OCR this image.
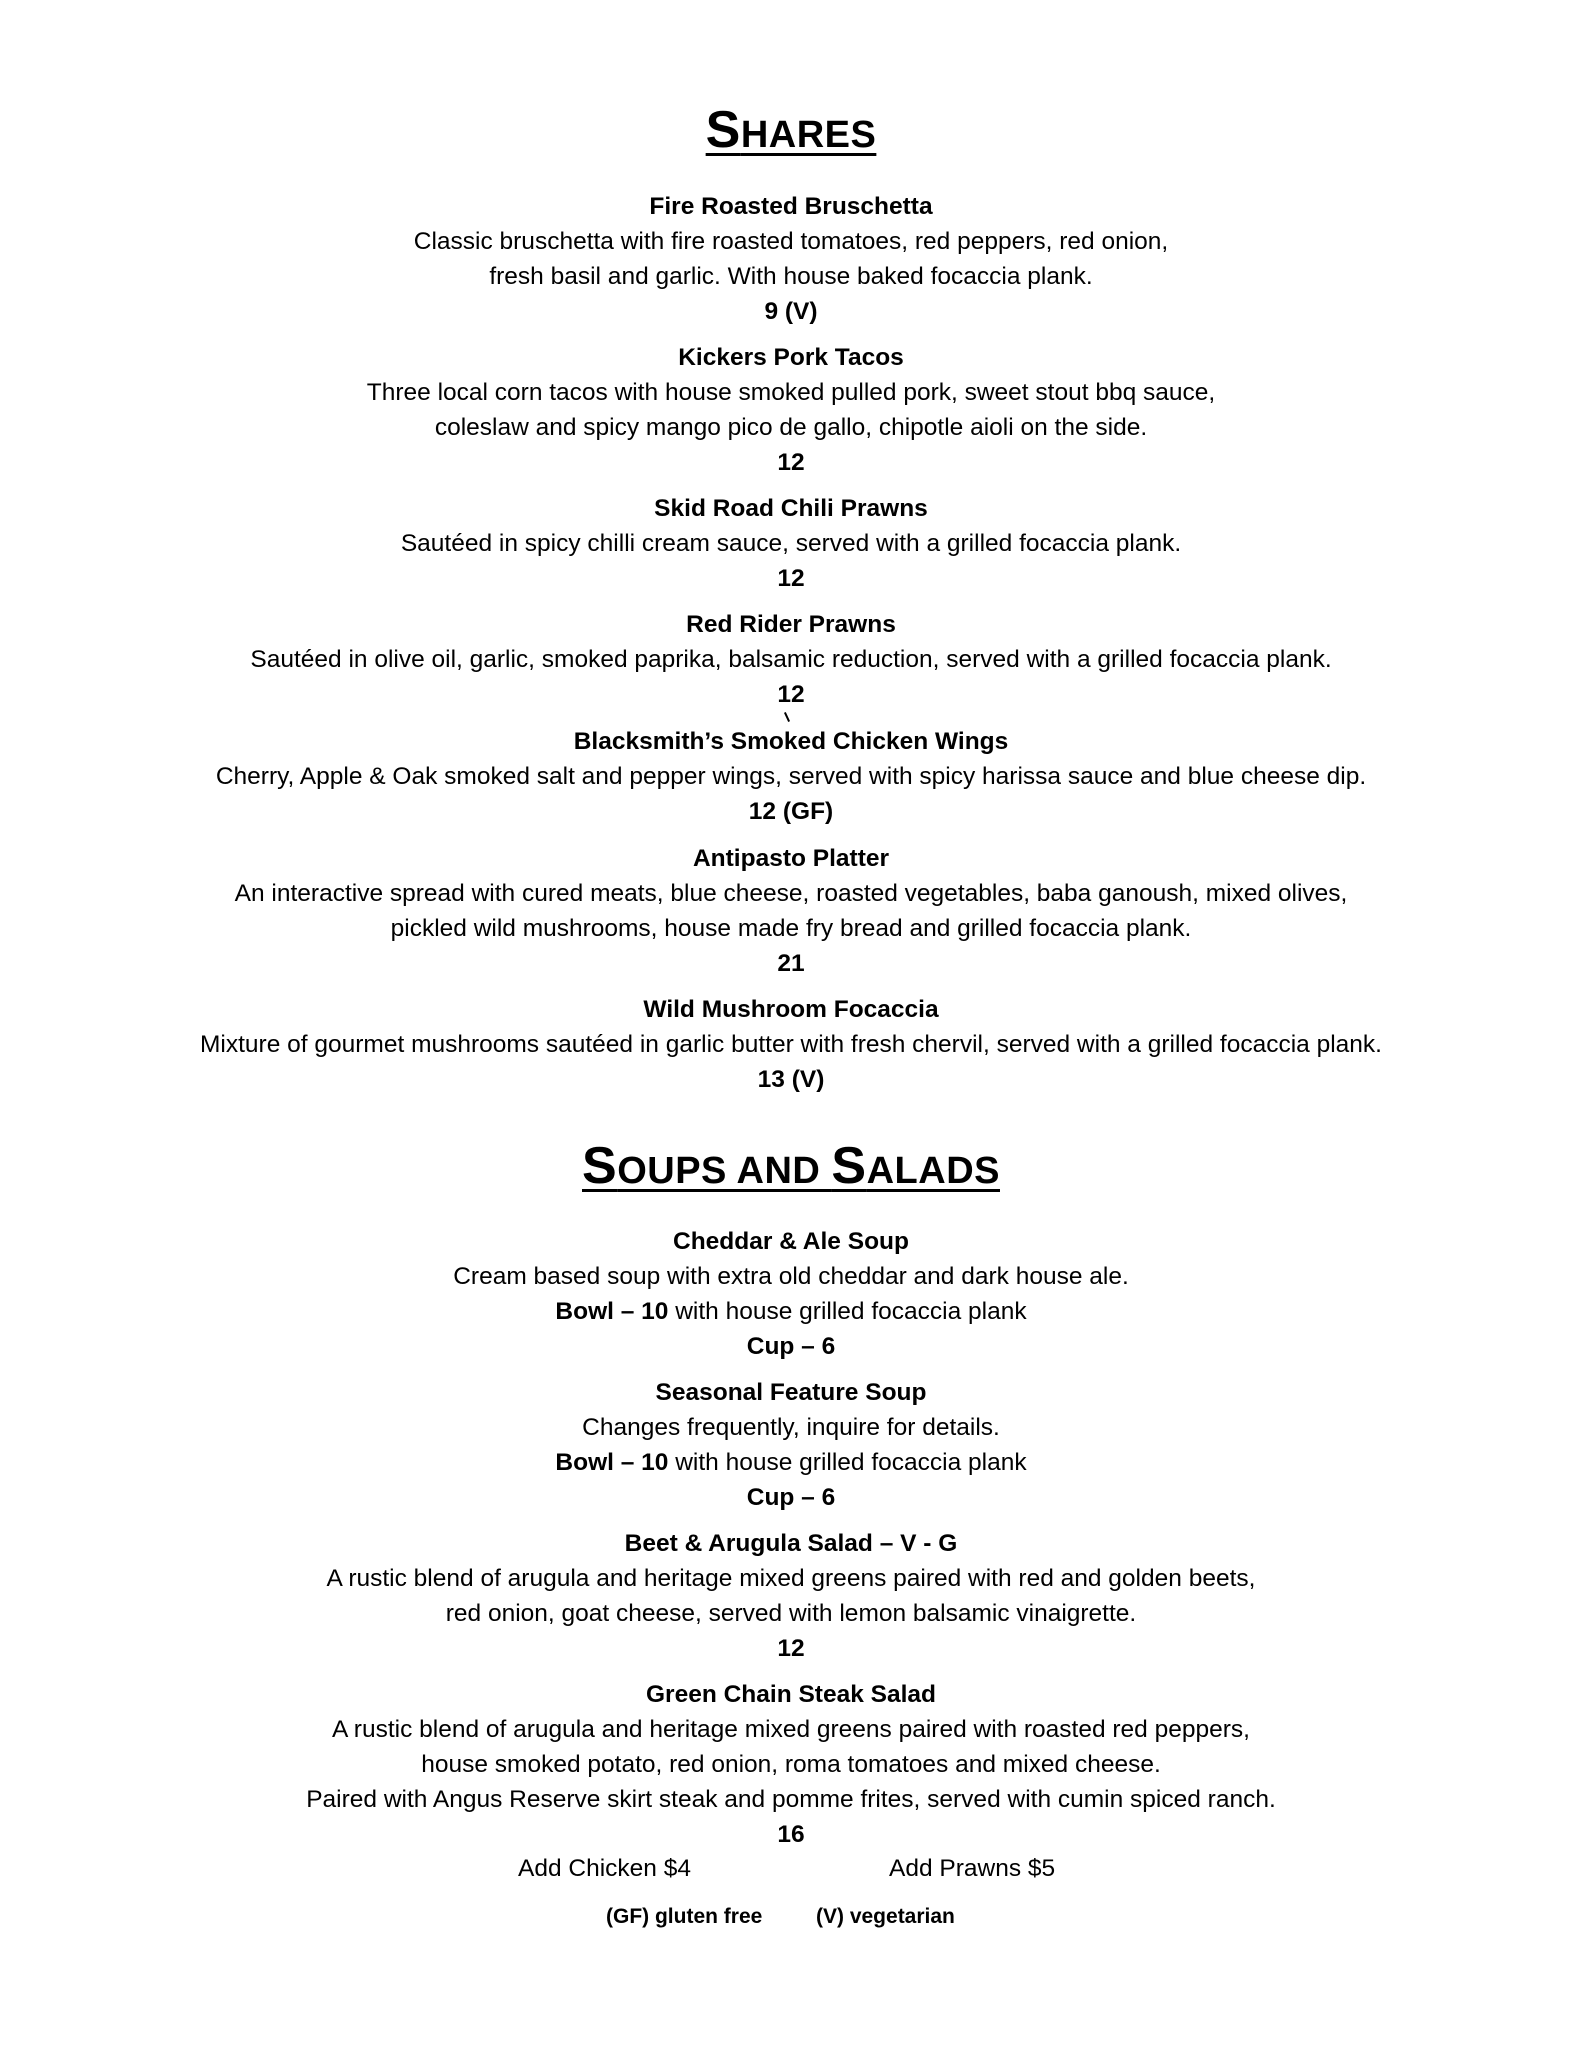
SHARES
Fire Roasted Bruschetta
Classic bruschetta with fire roasted tomatoes, red peppers, red onion,
fresh basil and garlic. With house baked focaccia plank.
9 (V)
Kickers Pork Tacos
Three local corn tacos with house smoked pulled pork, sweet stout bbq sauce,
coleslaw and spicy mango pico de gallo, chipotle aioli on the side.
12
Skid Road Chili Prawns
Sautéed in spicy chilli cream sauce, served with a grilled focaccia plank.
12
Red Rider Prawns
Sautéed in olive oil, garlic, smoked paprika, balsamic reduction, served with a grilled focaccia plank.
12
Blacksmith’s Smoked Chicken Wings
Cherry, Apple & Oak smoked salt and pepper wings, served with spicy harissa sauce and blue cheese dip.
12 (GF)
Antipasto Platter
An interactive spread with cured meats, blue cheese, roasted vegetables, baba ganoush, mixed olives,
pickled wild mushrooms, house made fry bread and grilled focaccia plank.
21
Wild Mushroom Focaccia
Mixture of gourmet mushrooms sautéed in garlic butter with fresh chervil, served with a grilled focaccia plank.
13 (V)
SOUPS AND SALADS
Cheddar & Ale Soup
Cream based soup with extra old cheddar and dark house ale.
Bowl – 10 with house grilled focaccia plank
Cup – 6
Seasonal Feature Soup
Changes frequently, inquire for details.
Bowl – 10 with house grilled focaccia plank
Cup – 6
Beet & Arugula Salad – V - G
A rustic blend of arugula and heritage mixed greens paired with red and golden beets,
red onion, goat cheese, served with lemon balsamic vinaigrette.
12
Green Chain Steak Salad
A rustic blend of arugula and heritage mixed greens paired with roasted red peppers,
house smoked potato, red onion, roma tomatoes and mixed cheese.
Paired with Angus Reserve skirt steak and pomme frites, served with cumin spiced ranch.
16
Add Chicken $4	Add Prawns $5
(GF) gluten free	(V) vegetarian
